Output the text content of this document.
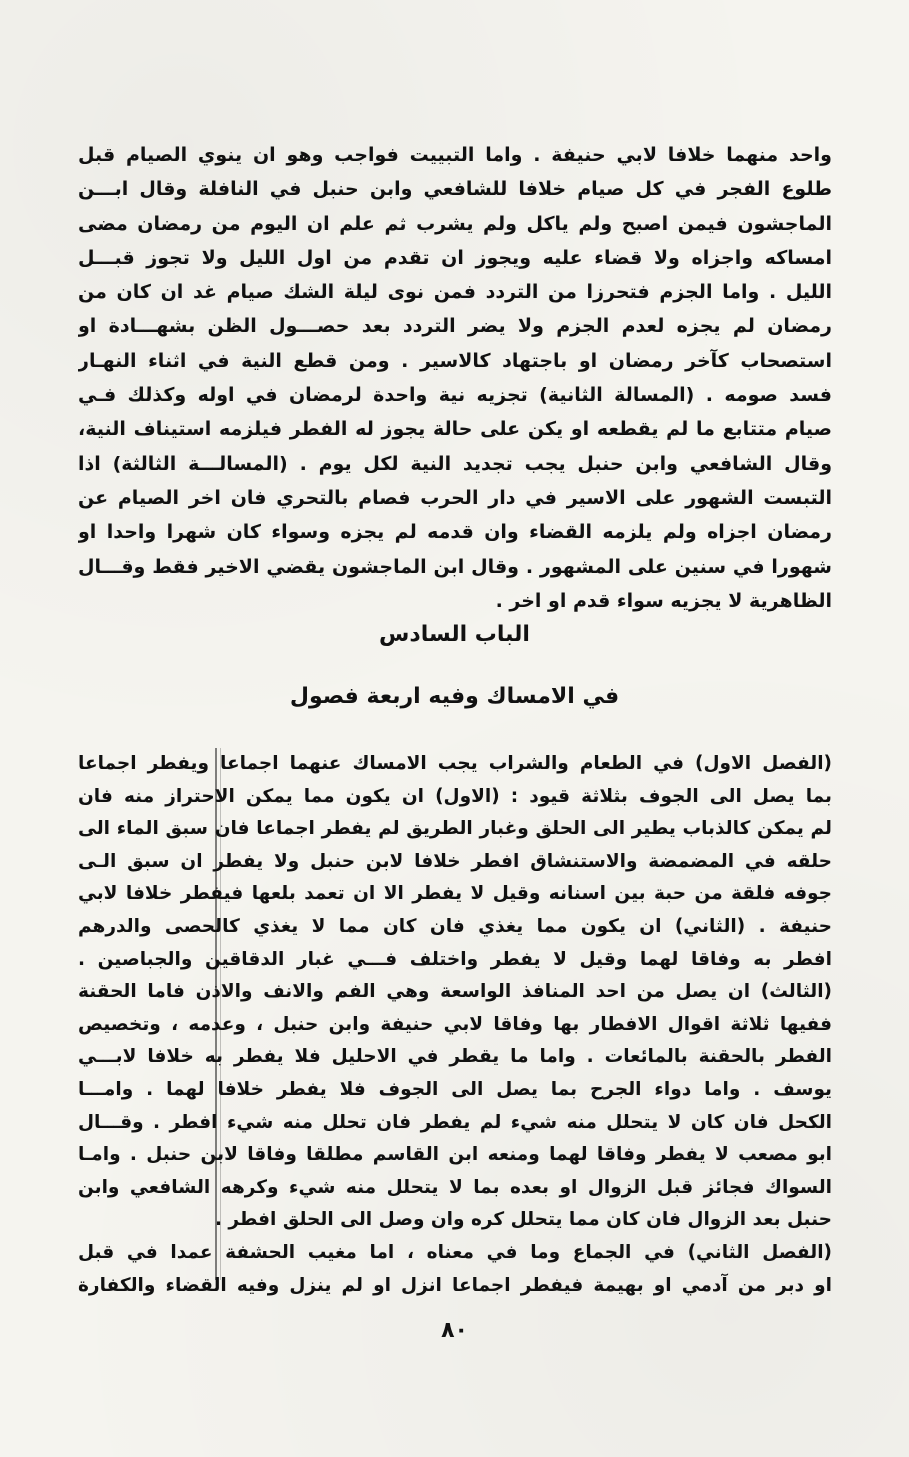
واحد منهما خلافا لابي حنيفة . واما التبييت فواجب وهو ان ينوي الصيام قبل
طلوع الفجر في كل صيام خلافا للشافعي وابن حنبل في النافلة وقال ابـــن
الماجشون فيمن اصبح ولم ياكل ولم يشرب ثم علم ان اليوم من رمضان مضى
امساكه واجزاه ولا قضاء عليه ويجوز ان تقدم من اول الليل ولا تجوز قبـــل
الليل . واما الجزم فتحرزا من التردد فمن نوى ليلة الشك صيام غد ان كان من
رمضان لم يجزه لعدم الجزم ولا يضر التردد بعد حصـــول الظن بشهـــادة او
استصحاب كآخر رمضان او باجتهاد كالاسير . ومن قطع النية في اثناء النهـار
فسد صومه . (المسالة الثانية) تجزيه نية واحدة لرمضان في اوله وكذلك فـي
صيام متتابع ما لم يقطعه او يكن على حالة يجوز له الفطر فيلزمه استيناف النية،
وقال الشافعي وابن حنبل يجب تجديد النية لكل يوم . (المسالـــة الثالثة) اذا
التبست الشهور على الاسير في دار الحرب فصام بالتحري فان اخر الصيام عن
رمضان اجزاه ولم يلزمه القضاء وان قدمه لم يجزه وسواء كان شهرا واحدا او
شهورا في سنين على المشهور . وقال ابن الماجشون يقضي الاخير فقط وقـــال
الظاهرية لا يجزيه سواء قدم او اخر .
الباب السادس
في الامساك وفيه اربعة فصول
(الفصل الاول) في الطعام والشراب يجب الامساك عنهما اجماعا ويفطر اجماعا
بما يصل الى الجوف بثلاثة قيود : (الاول) ان يكون مما يمكن الاحتراز منه فان
لم يمكن كالذباب يطير الى الحلق وغبار الطريق لم يفطر اجماعا فان سبق الماء الى
حلقه في المضمضة والاستنشاق افطر خلافا لابن حنبل ولا يفطر ان سبق الـى
جوفه فلقة من حبة بين اسنانه وقيل لا يفطر الا ان تعمد بلعها فيفطر خلافا لابي
حنيفة . (الثاني) ان يكون مما يغذي فان كان مما لا يغذي كالحصى والدرهم
افطر به وفاقا لهما وقيل لا يفطر واختلف فـــي غبار الدقاقين والجباصين .
(الثالث) ان يصل من احد المنافذ الواسعة وهي الفم والانف والاذن فاما الحقنة
ففيها ثلاثة اقوال الافطار بها وفاقا لابي حنيفة وابن حنبل ، وعدمه ، وتخصيص
الفطر بالحقنة بالمائعات . واما ما يقطر في الاحليل فلا يفطر به خلافا لابـــي
يوسف . واما دواء الجرح بما يصل الى الجوف فلا يفطر خلافا لهما . وامـــا
الكحل فان كان لا يتحلل منه شيء لم يفطر فان تحلل منه شيء افطر . وقـــال
ابو مصعب لا يفطر وفاقا لهما ومنعه ابن القاسم مطلقا وفاقا لابن حنبل . وامـا
السواك فجائز قبل الزوال او بعده بما لا يتحلل منه شيء وكرهه الشافعي وابن
حنبل بعد الزوال فان كان مما يتحلل كره وان وصل الى الحلق افطر .
(الفصل الثاني) في الجماع وما في معناه ، اما مغيب الحشفة عمدا في قبل
او دبر من آدمي او بهيمة فيفطر اجماعا انزل او لم ينزل وفيه القضاء والكفارة
٨٠
